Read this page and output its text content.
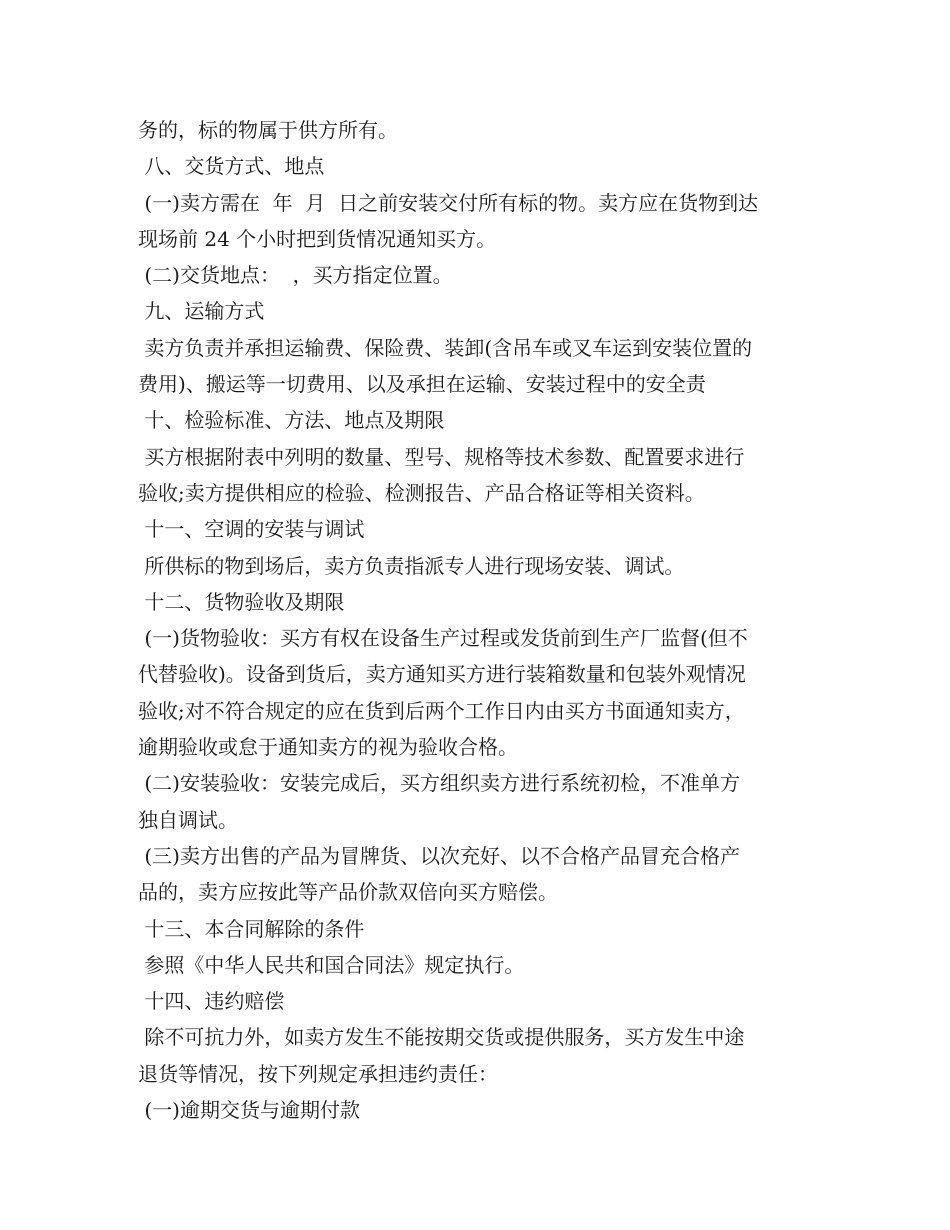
务的，标的物属于供方所有。
八、交货方式、地点
(一)卖方需在  年  月  日之前安装交付所有标的物。卖方应在货物到达
现场前 24 个小时把到货情况通知买方。
(二)交货地点：  ，买方指定位置。
九、运输方式
卖方负责并承担运输费、保险费、装卸(含吊车或叉车运到安装位置的
费用)、搬运等一切费用、以及承担在运输、安装过程中的安全责
十、检验标准、方法、地点及期限
买方根据附表中列明的数量、型号、规格等技术参数、配置要求进行
验收;卖方提供相应的检验、检测报告、产品合格证等相关资料。
十一、空调的安装与调试
所供标的物到场后，卖方负责指派专人进行现场安装、调试。
十二、货物验收及期限
(一)货物验收：买方有权在设备生产过程或发货前到生产厂监督(但不
代替验收)。设备到货后，卖方通知买方进行装箱数量和包装外观情况
验收;对不符合规定的应在货到后两个工作日内由买方书面通知卖方，
逾期验收或怠于通知卖方的视为验收合格。
(二)安装验收：安装完成后，买方组织卖方进行系统初检，不准单方
独自调试。
(三)卖方出售的产品为冒牌货、以次充好、以不合格产品冒充合格产
品的，卖方应按此等产品价款双倍向买方赔偿。
十三、本合同解除的条件
参照《中华人民共和国合同法》规定执行。
十四、违约赔偿
除不可抗力外，如卖方发生不能按期交货或提供服务，买方发生中途
退货等情况，按下列规定承担违约责任：
(一)逾期交货与逾期付款
